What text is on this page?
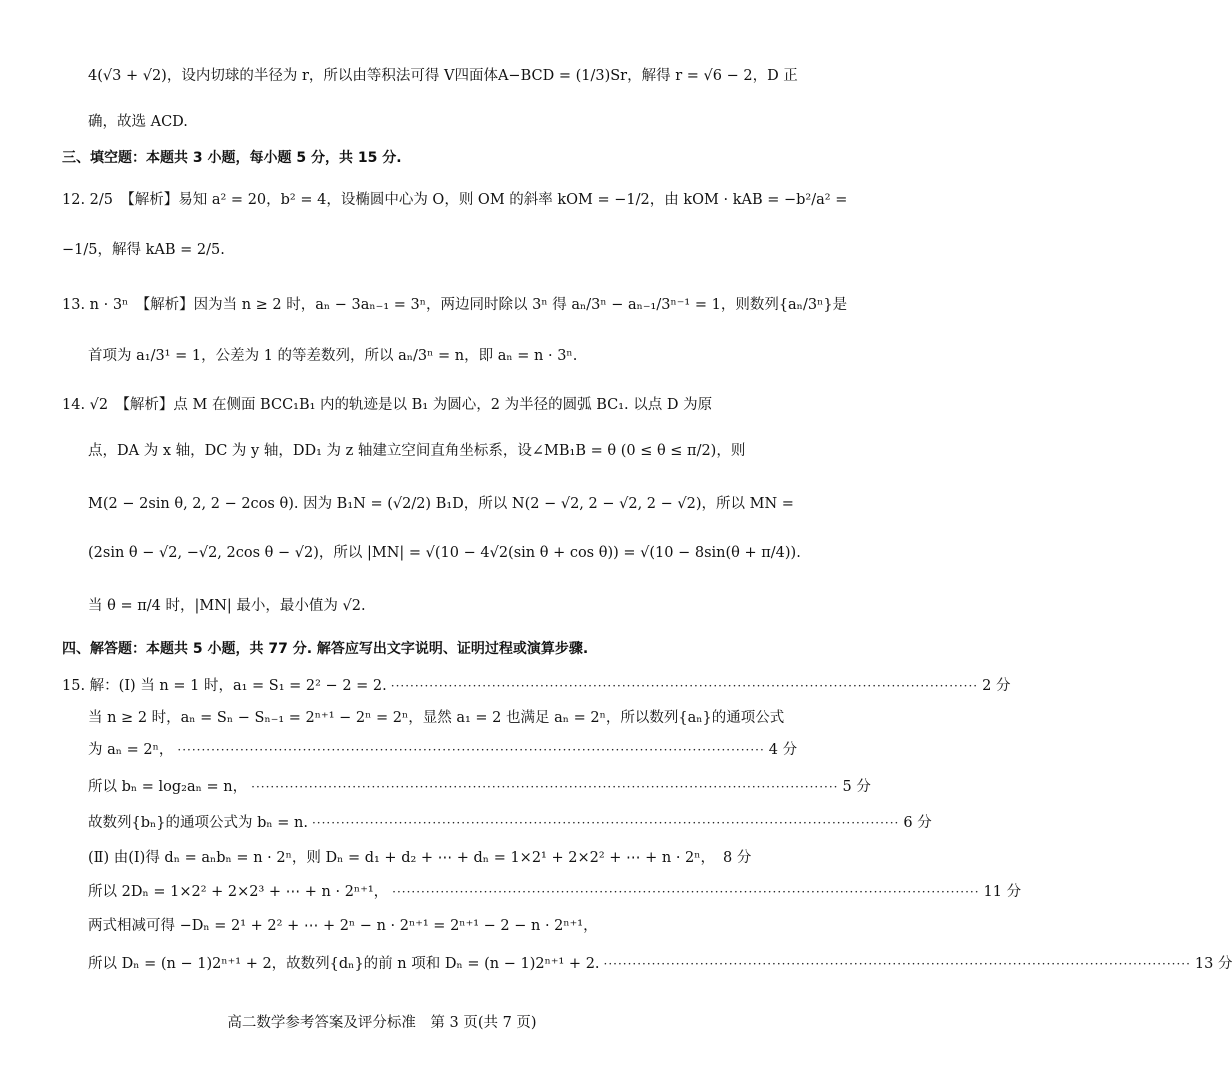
4(√3 + √2)，设内切球的半径为 r，所以由等积法可得 V四面体A−BCD = (1/3)Sr，解得 r = √6 − 2，D 正
确，故选 ACD.
三、填空题：本题共 3 小题，每小题 5 分，共 15 分.
12. 2/5　【解析】易知 a² = 20，b² = 4，设椭圆中心为 O，则 OM 的斜率 kOM = −1/2，由 kOM · kAB = −b²/a² =
−1/5，解得 kAB = 2/5.
13. n · 3ⁿ　【解析】因为当 n ≥ 2 时，aₙ − 3aₙ₋₁ = 3ⁿ，两边同时除以 3ⁿ 得 aₙ/3ⁿ − aₙ₋₁/3ⁿ⁻¹ = 1，则数列{aₙ/3ⁿ}是
首项为 a₁/3¹ = 1，公差为 1 的等差数列，所以 aₙ/3ⁿ = n，即 aₙ = n · 3ⁿ.
14. √2　【解析】点 M 在侧面 BCC₁B₁ 内的轨迹是以 B₁ 为圆心，2 为半径的圆弧 BC₁. 以点 D 为原
点，DA 为 x 轴，DC 为 y 轴，DD₁ 为 z 轴建立空间直角坐标系，设∠MB₁B = θ (0 ≤ θ ≤ π/2)，则
M(2 − 2sin θ, 2, 2 − 2cos θ). 因为 B₁N = (√2/2) B₁D，所以 N(2 − √2, 2 − √2, 2 − √2)，所以 MN =
(2sin θ − √2, −√2, 2cos θ − √2)，所以 |MN| = √(10 − 4√2(sin θ + cos θ)) = √(10 − 8sin(θ + π/4)).
当 θ = π/4 时，|MN| 最小，最小值为 √2.
四、解答题：本题共 5 小题，共 77 分. 解答应写出文字说明、证明过程或演算步骤.
15. 解：(Ⅰ) 当 n = 1 时，a₁ = S₁ = 2² − 2 = 2. ·························································································································· 2 分
当 n ≥ 2 时，aₙ = Sₙ − Sₙ₋₁ = 2ⁿ⁺¹ − 2ⁿ = 2ⁿ，显然 a₁ = 2 也满足 aₙ = 2ⁿ，所以数列{aₙ}的通项公式
为 aₙ = 2ⁿ， ·························································································································· 4 分
所以 bₙ = log₂aₙ = n， ·························································································································· 5 分
故数列{bₙ}的通项公式为 bₙ = n. ·························································································································· 6 分
(Ⅱ) 由(Ⅰ)得 dₙ = aₙbₙ = n · 2ⁿ，则 Dₙ = d₁ + d₂ + ⋯ + dₙ = 1×2¹ + 2×2² + ⋯ + n · 2ⁿ， 8 分
所以 2Dₙ = 1×2² + 2×2³ + ⋯ + n · 2ⁿ⁺¹， ·························································································································· 11 分
两式相减可得 −Dₙ = 2¹ + 2² + ⋯ + 2ⁿ − n · 2ⁿ⁺¹ = 2ⁿ⁺¹ − 2 − n · 2ⁿ⁺¹，
所以 Dₙ = (n − 1)2ⁿ⁺¹ + 2，故数列{dₙ}的前 n 项和 Dₙ = (n − 1)2ⁿ⁺¹ + 2. ·························································································································· 13 分
高二数学参考答案及评分标准　第 3 页(共 7 页)
